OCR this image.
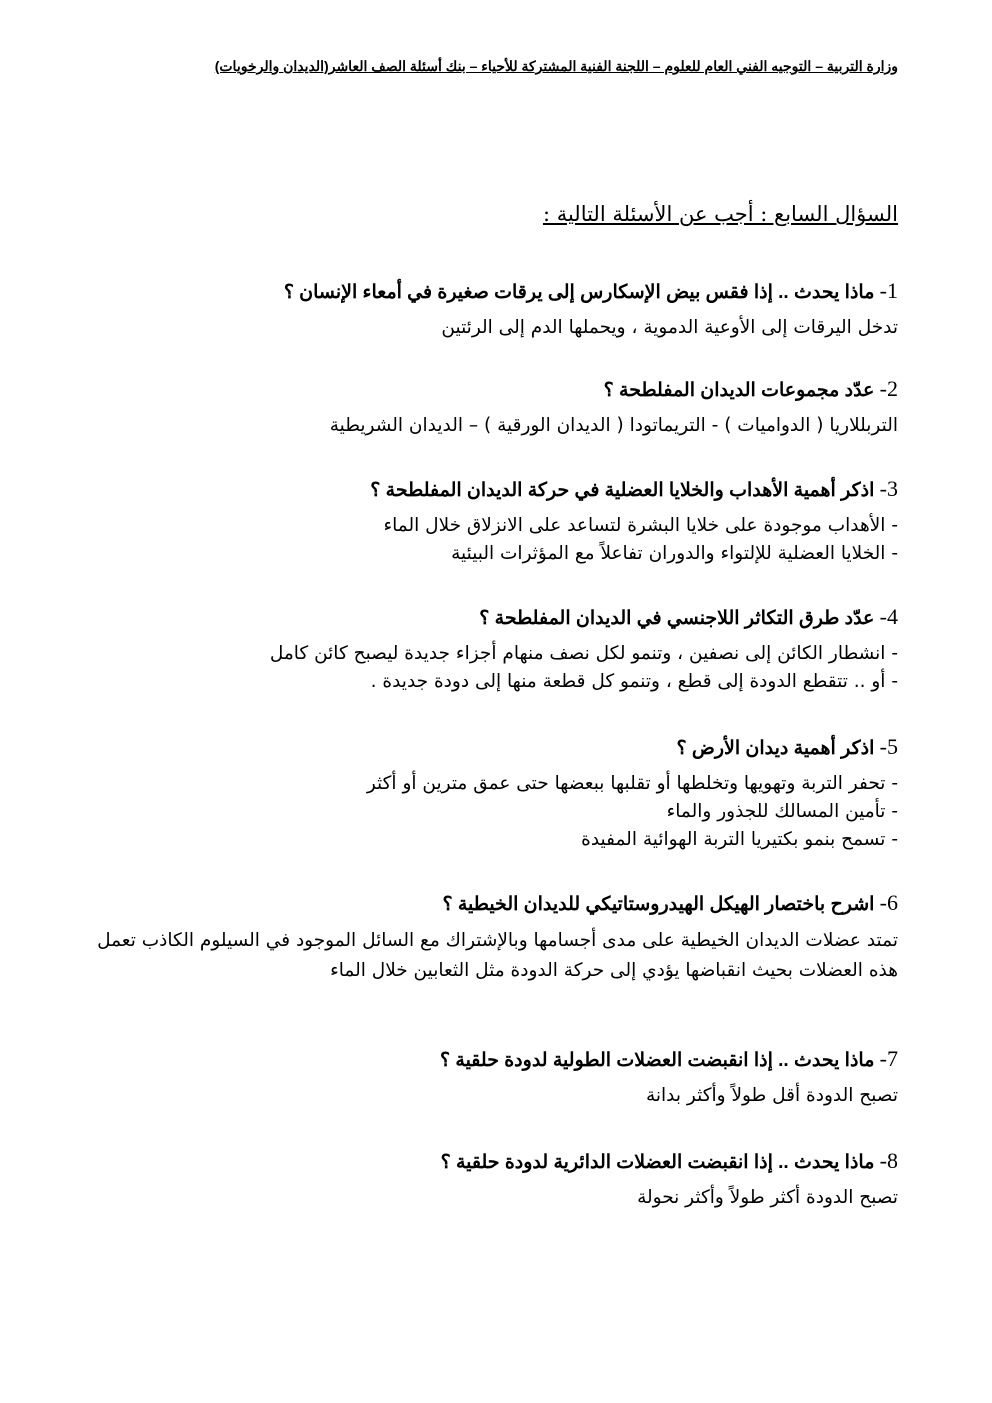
وزارة التربية – التوجيه الفني العام للعلوم – اللجنة الفنية المشتركة للأحياء – بنك أسئلة الصف العاشر(الديدان والرخويات)
السؤال السابع : أجب عن الأسئلة التالية :
1- ماذا يحدث .. إذا فقس بيض الإسكارس إلى يرقات صغيرة في أمعاء الإنسان ؟
تدخل اليرقات إلى الأوعية الدموية ، ويحملها الدم إلى الرئتين
2- عدّد مجموعات الديدان المفلطحة ؟
التربللاريا ( الدواميات ) - التريماتودا ( الديدان الورقية ) – الديدان الشريطية
3- اذكر أهمية الأهداب والخلايا العضلية في حركة الديدان المفلطحة ؟
- الأهداب موجودة على خلايا البشرة لتساعد على الانزلاق خلال الماء
- الخلايا العضلية للإلتواء والدوران تفاعلاً مع المؤثرات البيئية
4- عدّد طرق التكاثر اللاجنسي في الديدان المفلطحة ؟
- انشطار الكائن إلى نصفين ، وتنمو لكل نصف منهام أجزاء جديدة ليصبح كائن كامل
- أو .. تتقطع الدودة إلى قطع ، وتنمو كل قطعة منها إلى دودة جديدة .
5- اذكر أهمية ديدان الأرض ؟
- تحفر التربة وتهويها وتخلطها أو تقلبها ببعضها حتى عمق مترين أو أكثر
- تأمين المسالك للجذور والماء
- تسمح بنمو بكتيريا التربة الهوائية المفيدة
6- اشرح باختصار الهيكل الهيدروستاتيكي للديدان الخيطية ؟
تمتد عضلات الديدان الخيطية على مدى أجسامها وبالإشتراك مع السائل الموجود في السيلوم الكاذب تعمل هذه العضلات بحيث انقباضها يؤدي إلى حركة الدودة مثل الثعابين خلال الماء
7- ماذا يحدث .. إذا انقبضت العضلات الطولية لدودة حلقية ؟
تصبح الدودة أقل طولاً وأكثر بدانة
8- ماذا يحدث .. إذا انقبضت العضلات الدائرية لدودة حلقية ؟
تصبح الدودة أكثر طولاً وأكثر نحولة
